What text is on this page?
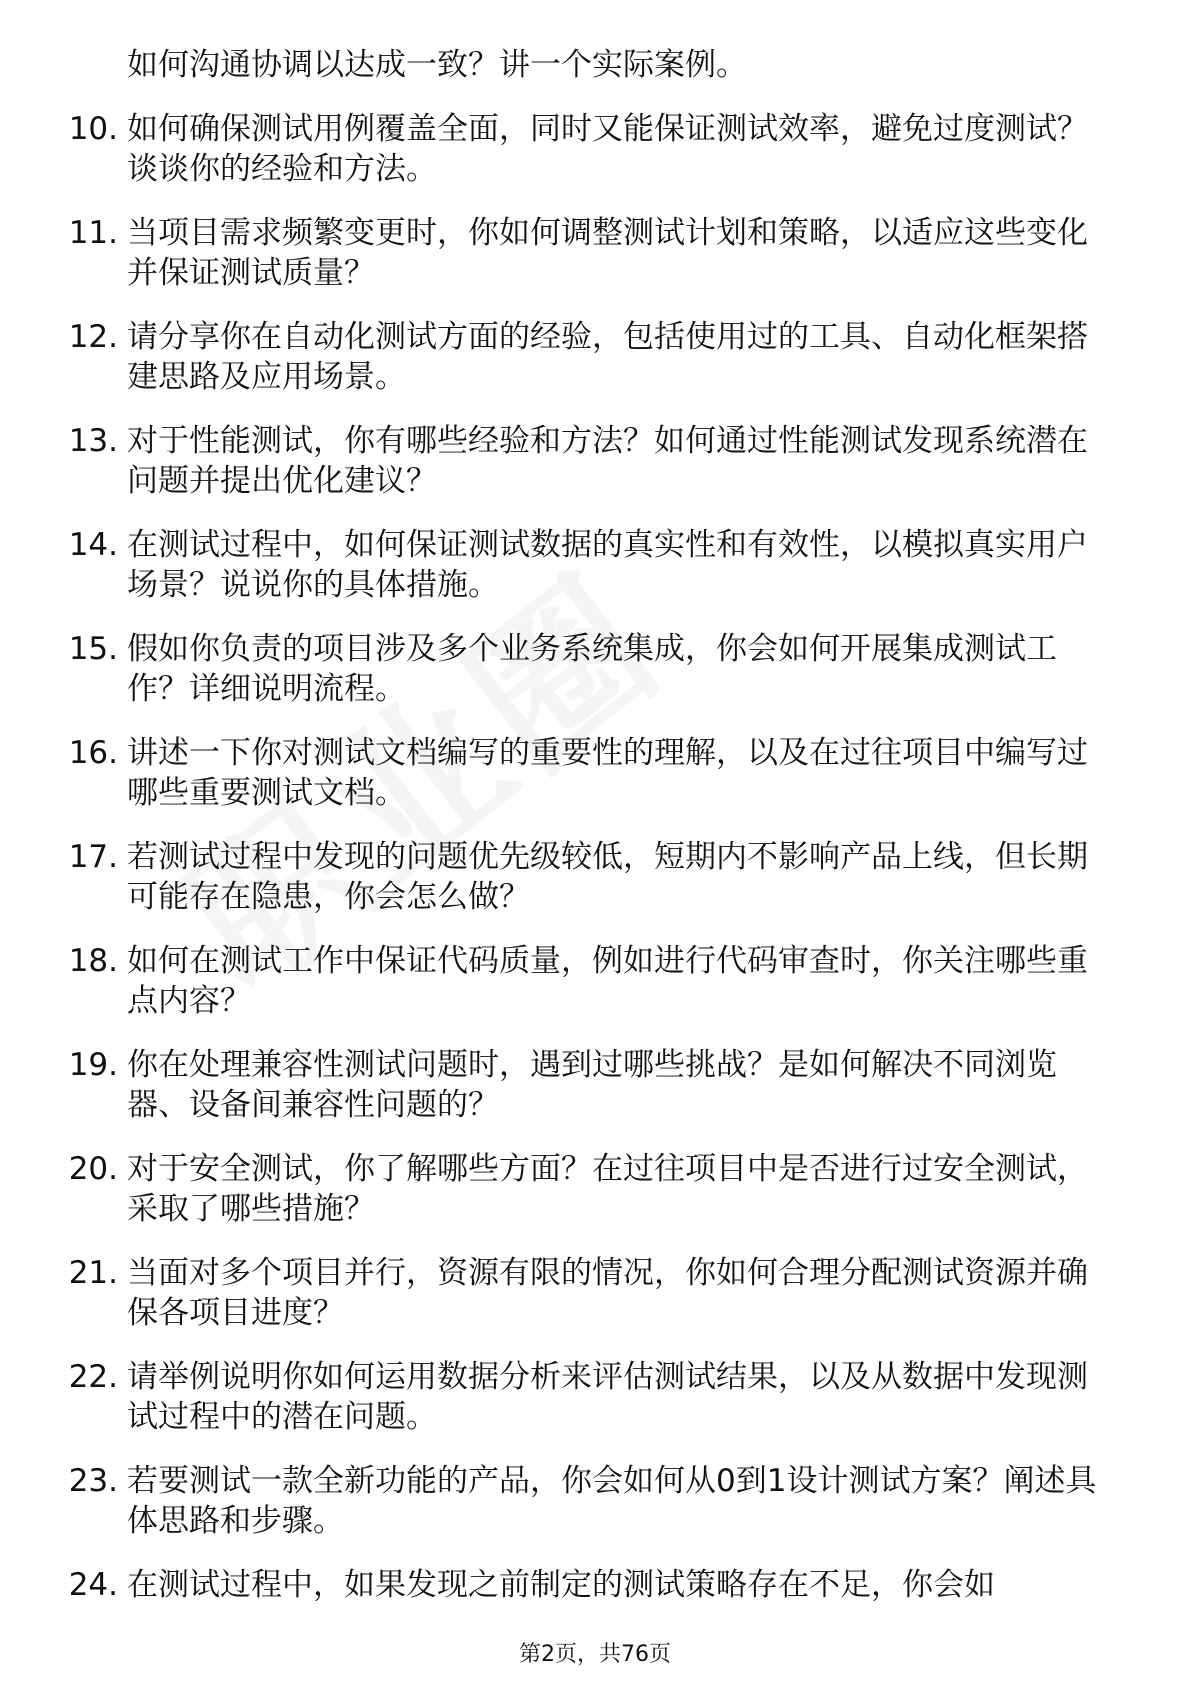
如何沟通协调以达成一致？讲一个实际案例。
10. 如何确保测试用例覆盖全面，同时又能保证测试效率，避免过度测试？谈谈你的经验和方法。
11. 当项目需求频繁变更时，你如何调整测试计划和策略，以适应这些变化并保证测试质量？
12. 请分享你在自动化测试方面的经验，包括使用过的工具、自动化框架搭建思路及应用场景。
13. 对于性能测试，你有哪些经验和方法？如何通过性能测试发现系统潜在问题并提出优化建议？
14. 在测试过程中，如何保证测试数据的真实性和有效性，以模拟真实用户场景？说说你的具体措施。
15. 假如你负责的项目涉及多个业务系统集成，你会如何开展集成测试工作？详细说明流程。
16. 讲述一下你对测试文档编写的重要性的理解，以及在过往项目中编写过哪些重要测试文档。
17. 若测试过程中发现的问题优先级较低，短期内不影响产品上线，但长期可能存在隐患，你会怎么做？
18. 如何在测试工作中保证代码质量，例如进行代码审查时，你关注哪些重点内容？
19. 你在处理兼容性测试问题时，遇到过哪些挑战？是如何解决不同浏览器、设备间兼容性问题的？
20. 对于安全测试，你了解哪些方面？在过往项目中是否进行过安全测试，采取了哪些措施？
21. 当面对多个项目并行，资源有限的情况，你如何合理分配测试资源并确保各项目进度？
22. 请举例说明你如何运用数据分析来评估测试结果，以及从数据中发现测试过程中的潜在问题。
23. 若要测试一款全新功能的产品，你会如何从0到1设计测试方案？阐述具体思路和步骤。
24. 在测试过程中，如果发现之前制定的测试策略存在不足，你会如
第2页，共76页
